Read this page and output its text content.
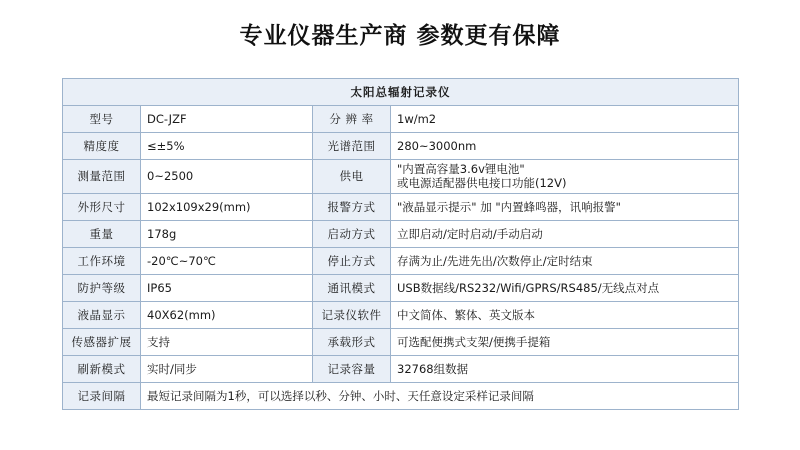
专业仪器生产商 参数更有保障
太阳总辐射记录仪			
型号	DC-JZF	分 辨 率	1w/m2
精度度	≤±5%	光谱范围	280~3000nm
测量范围	0~2500	供电	"内置高容量3.6v锂电池"
或电源适配器供电接口功能(12V)

外形尺寸	102x109x29(mm)	报警方式	"液晶显示提示" 加 "内置蜂鸣器，讯响报警"
重量	178g	启动方式	立即启动/定时启动/手动启动
工作环境	-20℃~70℃	停止方式	存满为止/先进先出/次数停止/定时结束
防护等级	IP65	通讯模式	USB数据线/RS232/Wifi/GPRS/RS485/无线点对点
液晶显示	40X62(mm)	记录仪软件	中文简体、繁体、英文版本
传感器扩展	支持	承载形式	可选配便携式支架/便携手提箱
刷新模式	实时/同步	记录容量	32768组数据
记录间隔	最短记录间隔为1秒，可以选择以秒、分钟、小时、天任意设定采样记录间隔		
